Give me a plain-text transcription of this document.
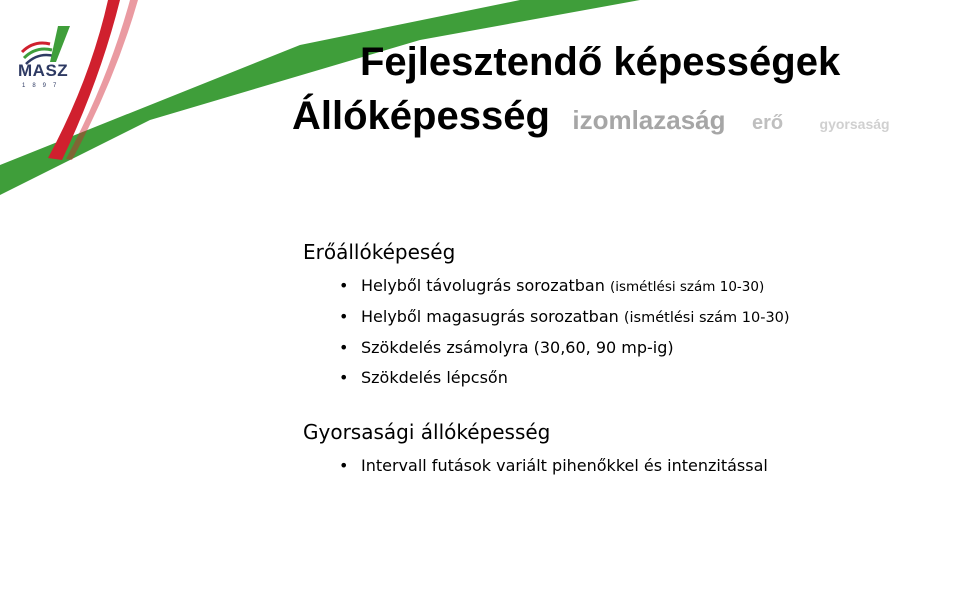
MASZ
1897
Fejlesztendő képességek
Állóképesség izomlazaság erő	gyorsaság

Erőállóképeség

• Helyből távolugrás sorozatban (ismétlési szám 10-30)
• Helyből magasugrás sorozatban (ismétlési szám 10-30)
• Szökdelés zsámolyra (30,60, 90 mp-ig)
• Szökdelés lépcsőn

Gyorsasági állóképesség

• Intervall futások variált pihenőkkel és intenzitással
